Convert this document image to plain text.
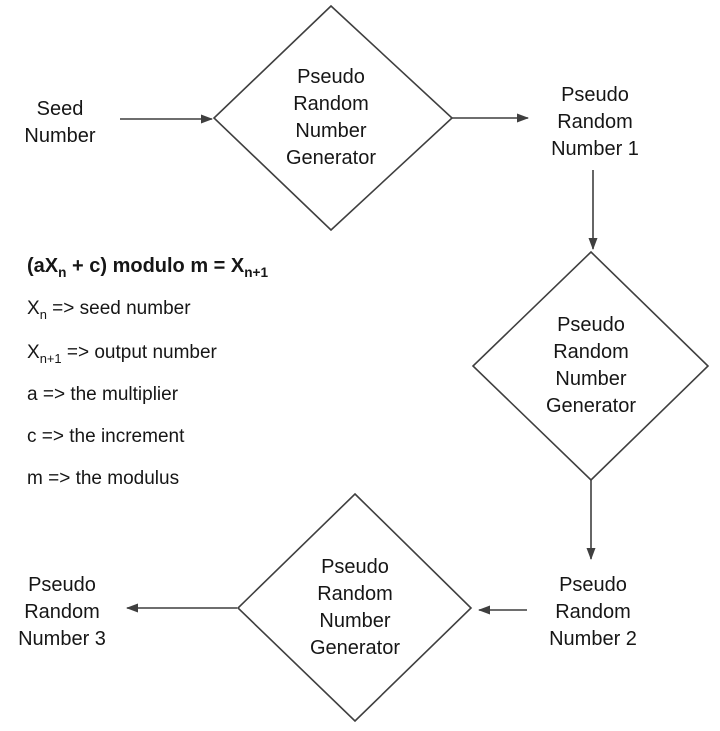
Pseudo
Random
Number
Generator
Pseudo
Random
Number
Generator
Pseudo
Random
Number
Generator
Seed
Number
Pseudo
Random
Number 1
Pseudo
Random
Number 2
Pseudo
Random
Number 3
$(aX_n + c)$ modulo $m = X_{n+1}$
$X_n$ => seed number
$X_{n+1}$ => output number
a => the multiplier
c => the increment
m => the modulus
